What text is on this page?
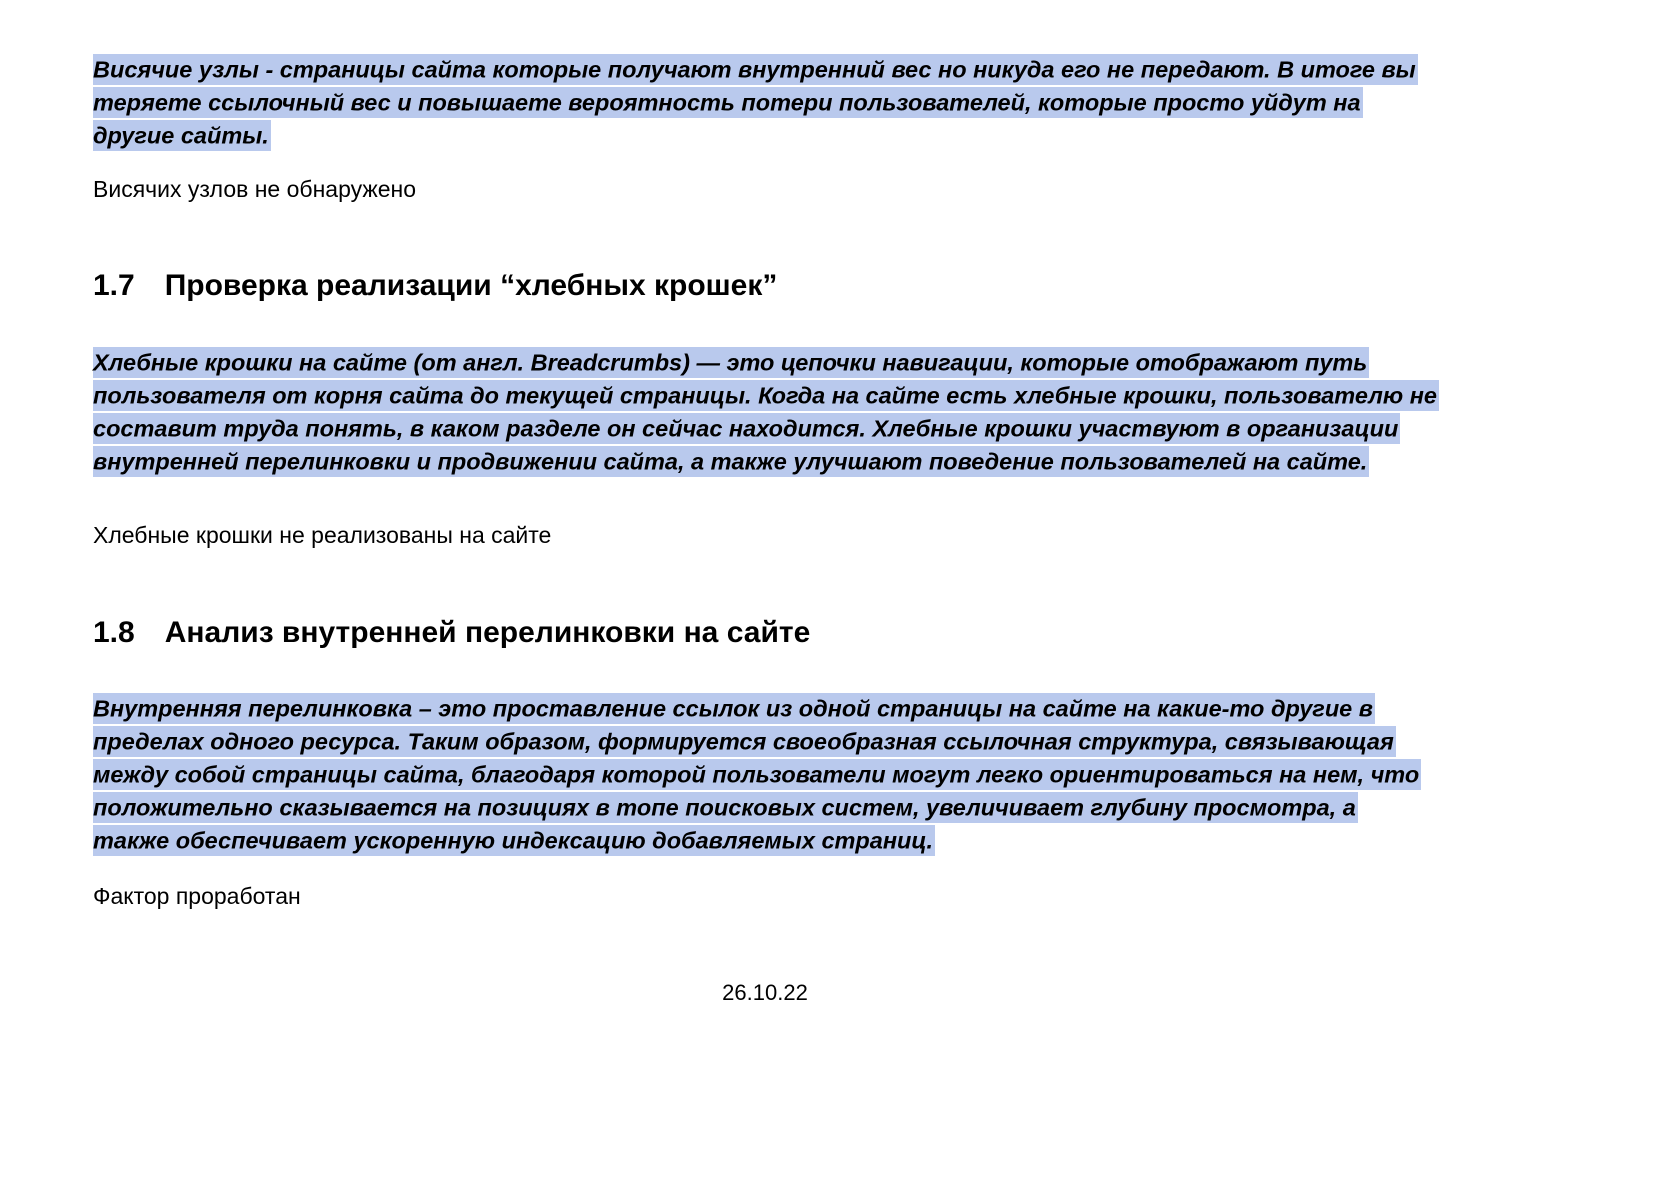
Висячие узлы - страницы сайта которые получают внутренний вес но никуда его не передают. В итоге вы теряете ссылочный вес и повышаете вероятность потери пользователей, которые просто уйдут на другие сайты.

Висячих узлов не обнаружено

1.7 Проверка реализации “хлебных крошек”

Хлебные крошки на сайте (от англ. Breadcrumbs) — это цепочки навигации, которые отображают путь пользователя от корня сайта до текущей страницы. Когда на сайте есть хлебные крошки, пользователю не составит труда понять, в каком разделе он сейчас находится. Хлебные крошки участвуют в организации внутренней перелинковки и продвижении сайта, а также улучшают поведение пользователей на сайте.

Хлебные крошки не реализованы на сайте

1.8 Анализ внутренней перелинковки на сайте

Внутренняя перелинковка – это проставление ссылок из одной страницы на сайте на какие-то другие в пределах одного ресурса. Таким образом, формируется своеобразная ссылочная структура, связывающая между собой страницы сайта, благодаря которой пользователи могут легко ориентироваться на нем, что положительно сказывается на позициях в топе поисковых систем, увеличивает глубину просмотра, а также обеспечивает ускоренную индексацию добавляемых страниц.

Фактор проработан

26.10.22
